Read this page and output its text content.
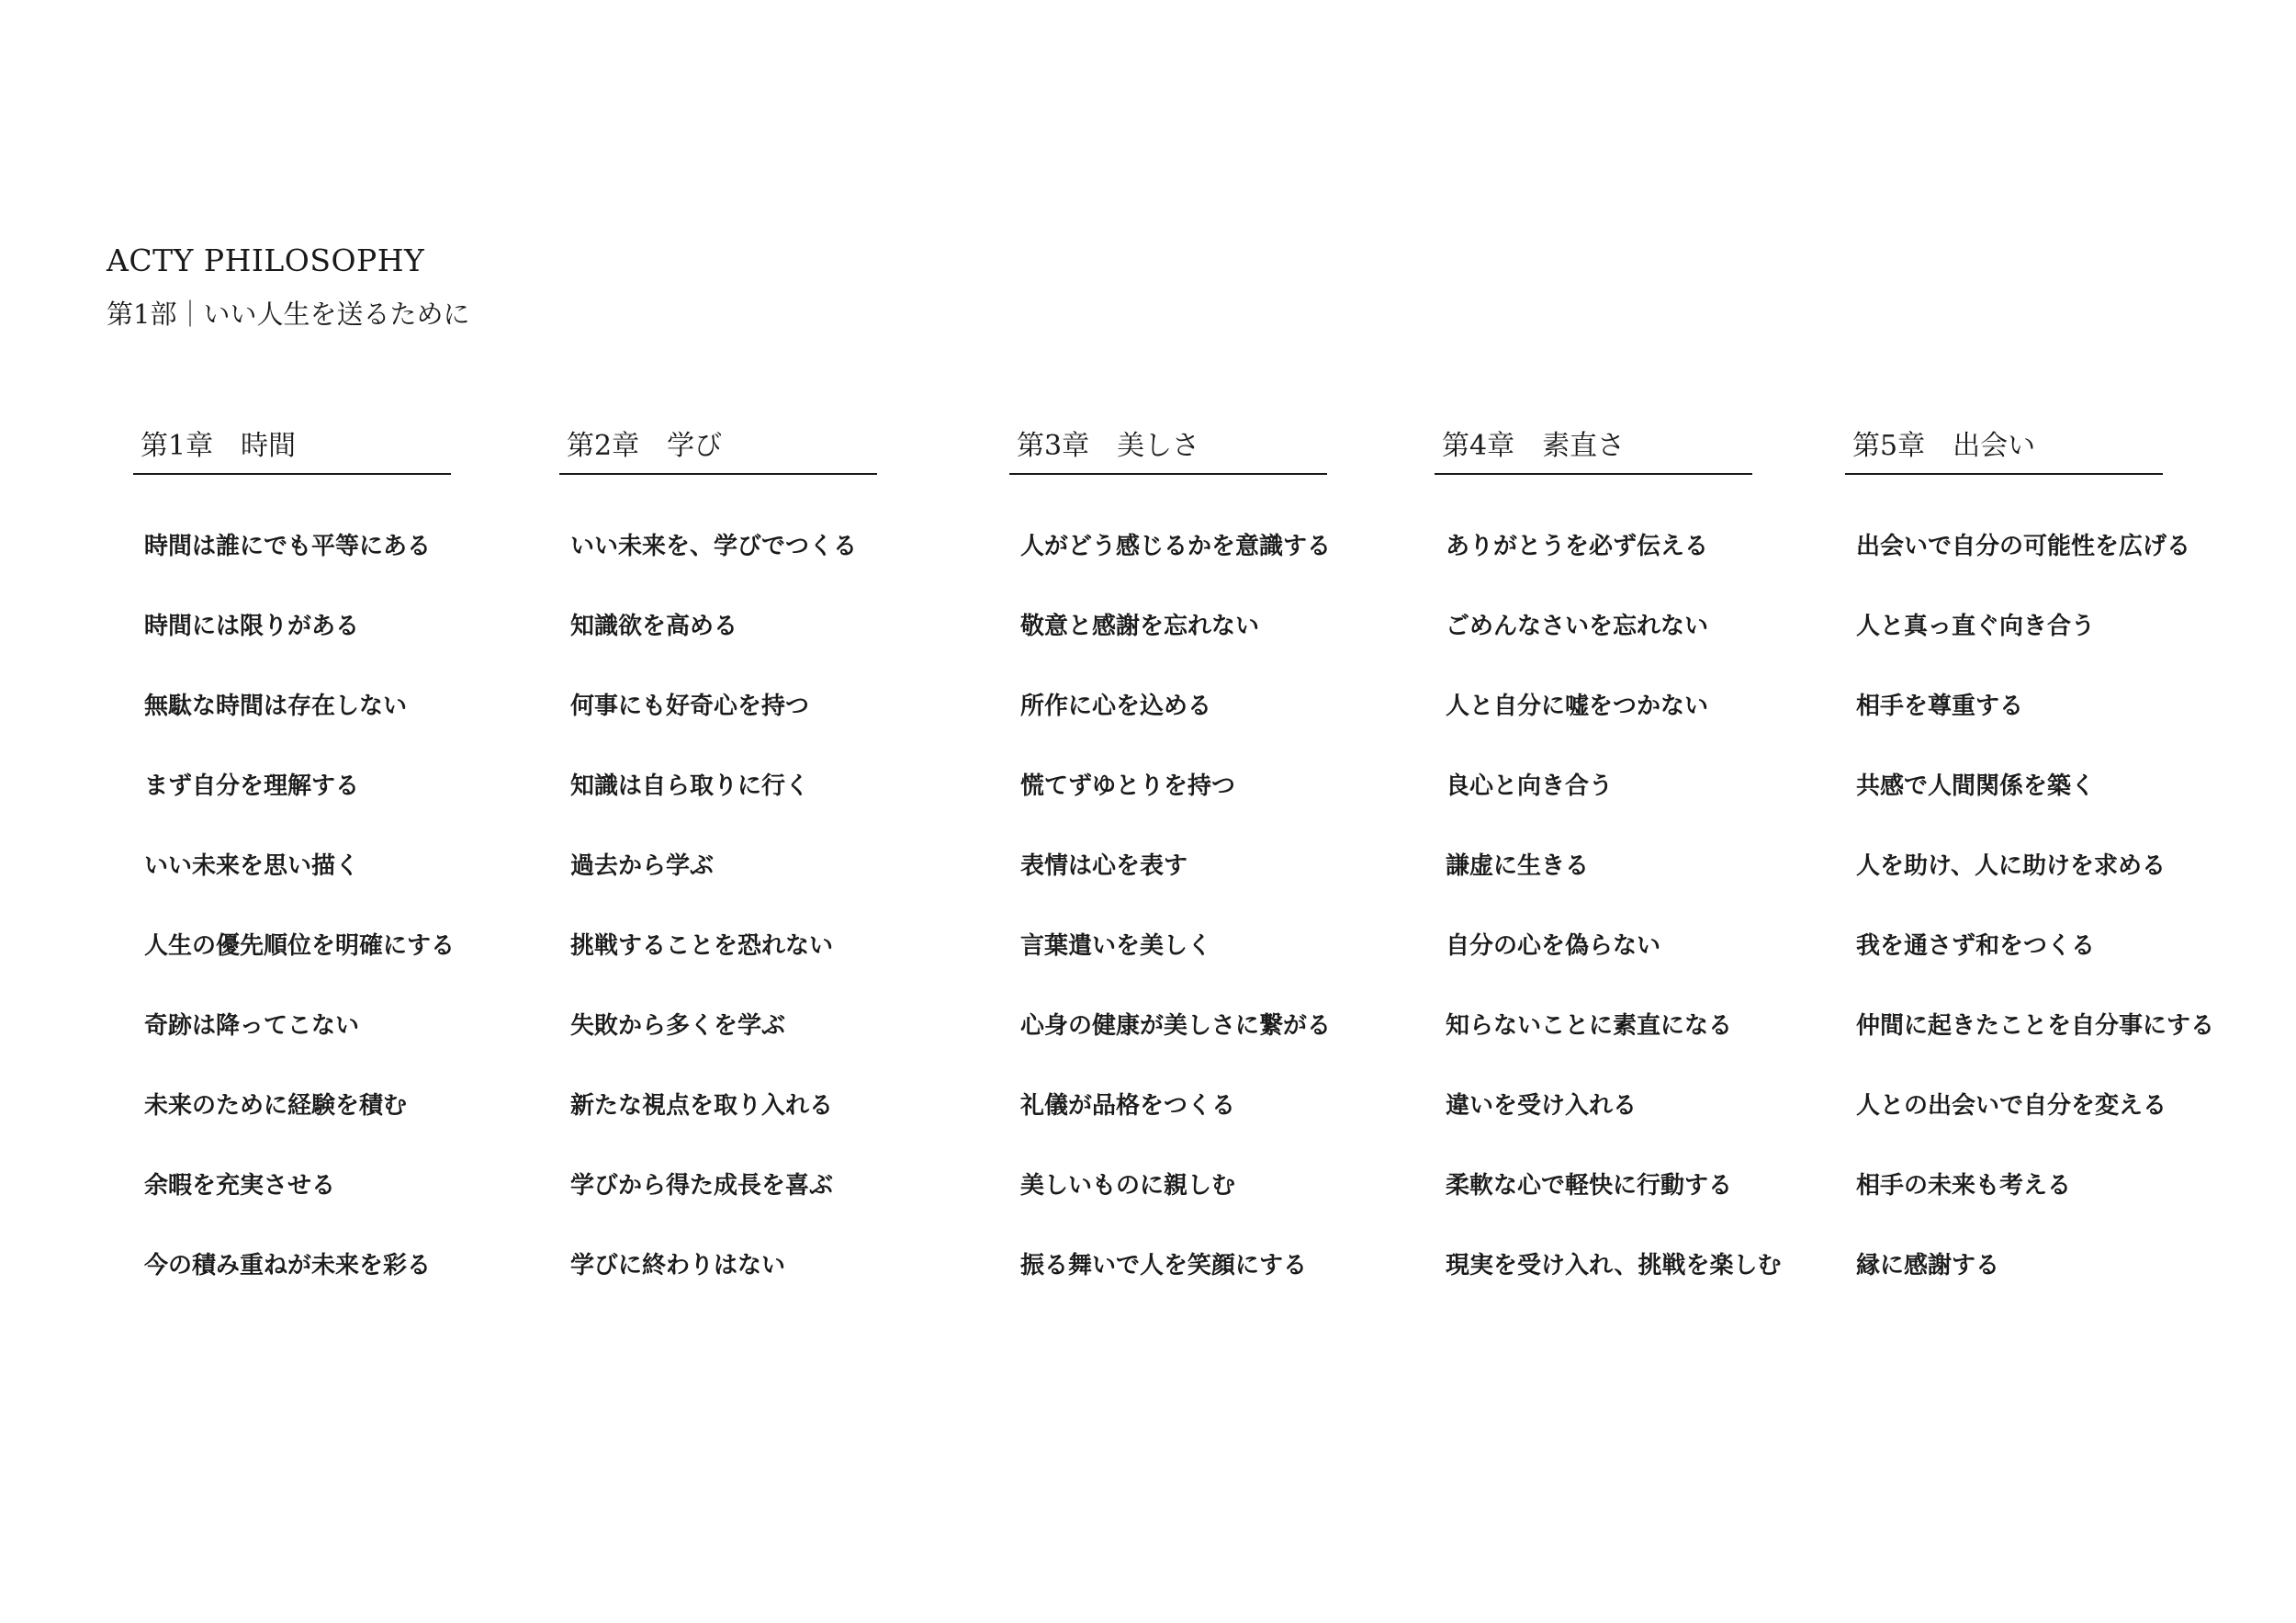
ACTY PHILOSOPHY
第1部｜いい人生を送るために
第1章 時間
時間は誰にでも平等にある
時間には限りがある
無駄な時間は存在しない
まず自分を理解する
いい未来を思い描く
人生の優先順位を明確にする
奇跡は降ってこない
未来のために経験を積む
余暇を充実させる
今の積み重ねが未来を彩る
第2章 学び
いい未来を、学びでつくる
知識欲を高める
何事にも好奇心を持つ
知識は自ら取りに行く
過去から学ぶ
挑戦することを恐れない
失敗から多くを学ぶ
新たな視点を取り入れる
学びから得た成長を喜ぶ
学びに終わりはない
第3章 美しさ
人がどう感じるかを意識する
敬意と感謝を忘れない
所作に心を込める
慌てずゆとりを持つ
表情は心を表す
言葉遣いを美しく
心身の健康が美しさに繋がる
礼儀が品格をつくる
美しいものに親しむ
振る舞いで人を笑顔にする
第4章 素直さ
ありがとうを必ず伝える
ごめんなさいを忘れない
人と自分に嘘をつかない
良心と向き合う
謙虚に生きる
自分の心を偽らない
知らないことに素直になる
違いを受け入れる
柔軟な心で軽快に行動する
現実を受け入れ、挑戦を楽しむ
第5章 出会い
出会いで自分の可能性を広げる
人と真っ直ぐ向き合う
相手を尊重する
共感で人間関係を築く
人を助け、人に助けを求める
我を通さず和をつくる
仲間に起きたことを自分事にする
人との出会いで自分を変える
相手の未来も考える
縁に感謝する
